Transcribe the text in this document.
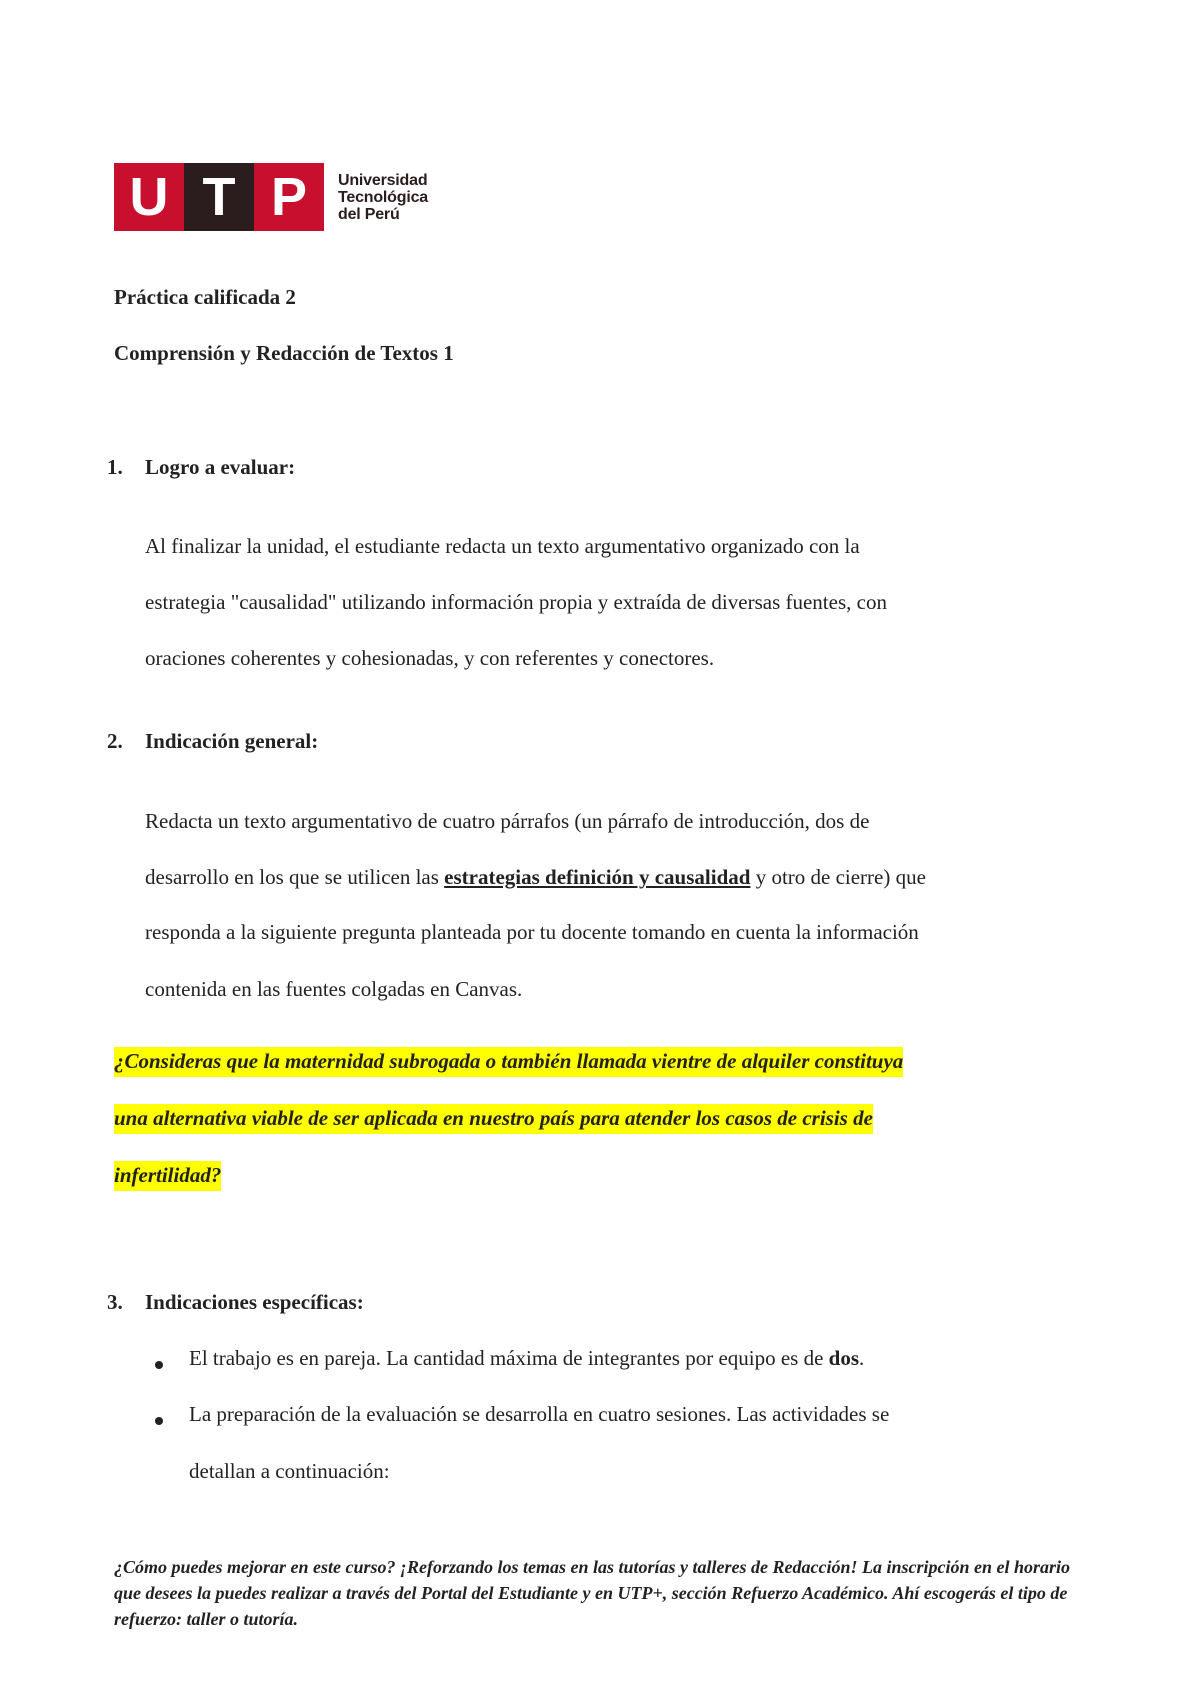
U T P	Universidad
Tecnológica
del Perú
Práctica calificada 2
Comprensión y Redacción de Textos 1
1. Logro a evaluar:
Al finalizar la unidad, el estudiante redacta un texto argumentativo organizado con la
estrategia "causalidad" utilizando información propia y extraída de diversas fuentes, con
oraciones coherentes y cohesionadas, y con referentes y conectores.
2. Indicación general:
Redacta un texto argumentativo de cuatro párrafos (un párrafo de introducción, dos de
desarrollo en los que se utilicen las estrategias definición y causalidad y otro de cierre) que
responda a la siguiente pregunta planteada por tu docente tomando en cuenta la información
contenida en las fuentes colgadas en Canvas.
¿Consideras que la maternidad subrogada o también llamada vientre de alquiler constituya
una alternativa viable de ser aplicada en nuestro país para atender los casos de crisis de
infertilidad?
3. Indicaciones específicas:
El trabajo es en pareja. La cantidad máxima de integrantes por equipo es de dos.
La preparación de la evaluación se desarrolla en cuatro sesiones. Las actividades se
detallan a continuación:
¿Cómo puedes mejorar en este curso? ¡Reforzando los temas en las tutorías y talleres de Redacción! La inscripción en el horario que desees la puedes realizar a través del Portal del Estudiante y en UTP+, sección Refuerzo Académico. Ahí escogerás el tipo de refuerzo: taller o tutoría.
